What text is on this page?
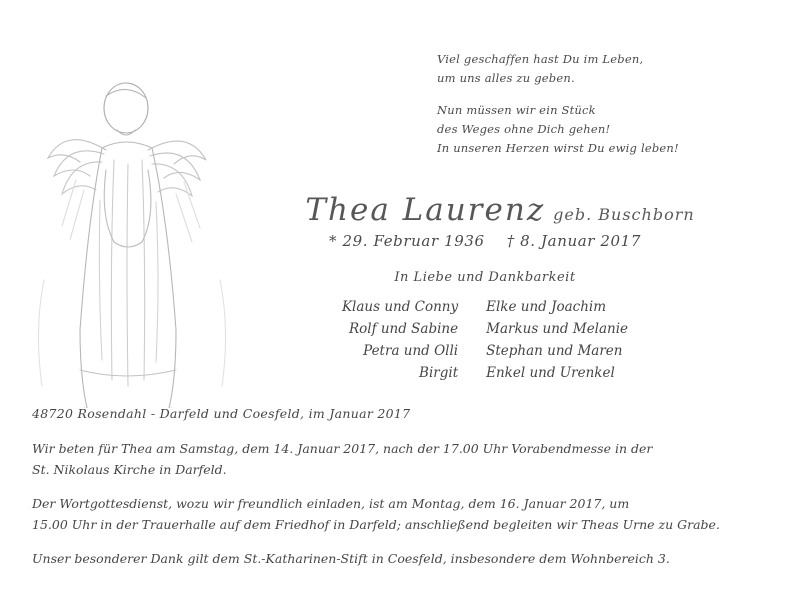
Viel geschaffen hast Du im Leben,
um uns alles zu geben.
Nun müssen wir ein Stück
des Weges ohne Dich gehen!
In unseren Herzen wirst Du ewig leben!
Thea Laurenz geb. Buschborn
* 29. Februar 1936 † 8. Januar 2017
In Liebe und Dankbarkeit
Klaus und Conny	Elke und Joachim
Rolf und Sabine	Markus und Melanie
Petra und Olli	Stephan und Maren
Birgit	Enkel und Urenkel
48720 Rosendahl - Darfeld und Coesfeld, im Januar 2017
Wir beten für Thea am Samstag, dem 14. Januar 2017, nach der 17.00 Uhr Vorabendmesse in der
St. Nikolaus Kirche in Darfeld.
Der Wortgottesdienst, wozu wir freundlich einladen, ist am Montag, dem 16. Januar 2017, um
15.00 Uhr in der Trauerhalle auf dem Friedhof in Darfeld; anschließend begleiten wir Theas Urne zu Grabe.
Unser besonderer Dank gilt dem St.-Katharinen-Stift in Coesfeld, insbesondere dem Wohnbereich 3.
